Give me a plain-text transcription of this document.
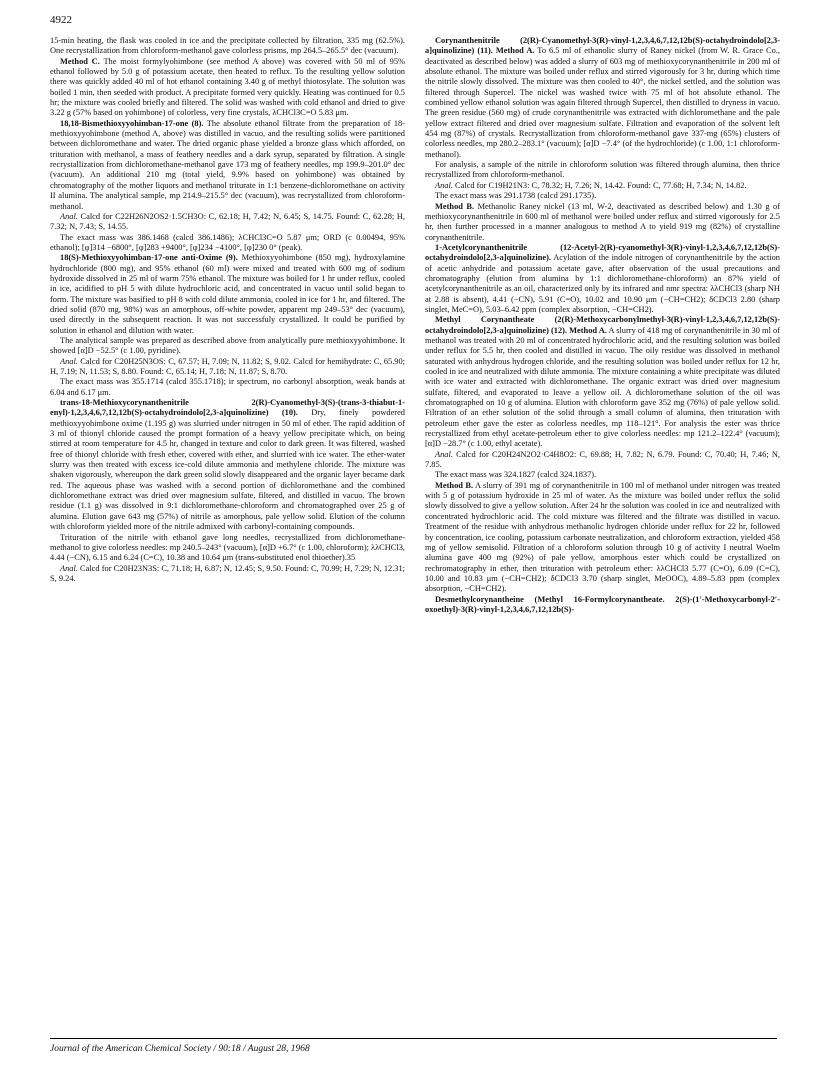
4922

15-min heating, the flask was cooled in ice and the precipitate collected by filtration, 335 mg (62.5%). One recrystallization from chloroform-methanol gave colorless prisms, mp 264.5–265.5° dec (vacuum).

Method C. The moist formylyohimbone (see method A above) was covered with 50 ml of 95% ethanol followed by 5.0 g of potassium acetate, then heated to reflux. To the resulting yellow solution there was quickly added 40 ml of hot ethanol containing 3.40 g of methyl thiotosylate. The solution was boiled 1 min, then seeded with product. A precipitate formed very quickly. Heating was continued for 0.5 hr; the mixture was cooled briefly and filtered. The solid was washed with cold ethanol and dried to give 3.22 g (57% based on yohimbone) of colorless, very fine crystals, λCHCl3C=O 5.83 μm.

18,18-Bismethioxyyohimban-17-one (8). The absolute ethanol filtrate from the preparation of 18-methioxyyohimbone (method A, above) was distilled in vacuo, and the resulting solids were partitioned between dichloromethane and water. The dried organic phase yielded a bronze glass which afforded, on trituration with methanol, a mass of feathery needles and a dark syrup, separated by filtration. A single recrystallization from dichloromethane-methanol gave 173 mg of feathery needles, mp 199.9–201.0° dec (vacuum). An additional 210 mg (total yield, 9.9% based on yohimbone) was obtained by chromatography of the mother liquors and methanol triturate in 1:1 benzene-dichloromethane on activity II alumina. The analytical sample, mp 214.9–215.5° dec (vacuum), was recrystallized from chloroform-methanol.

Anal. Calcd for C22H26N2OS2·1.5CH3O: C, 62.18; H, 7.42; N, 6.45; S, 14.75. Found: C, 62.28; H, 7.32; N, 7.43; S, 14.55.

The exact mass was 386.1468 (calcd 386.1486); λCHCl3C=O 5.87 μm; ORD (c 0.00494, 95% ethanol); [φ]314 −6800°, [φ]283 +9400°, [φ]234 −4100°, [φ]230 0° (peak).

18(S)-Methioxyyohimban-17-one anti-Oxime (9). Methioxyyohimbone (850 mg), hydroxylamine hydrochloride (800 mg), and 95% ethanol (60 ml) were mixed and treated with 600 mg of sodium hydroxide dissolved in 25 ml of warm 75% ethanol. The mixture was boiled for 1 hr under reflux, cooled in ice, acidified to pH 5 with dilute hydrochloric acid, and concentrated in vacuo until solid began to form. The mixture was basified to pH 8 with cold dilute ammonia, cooled in ice for 1 hr, and filtered. The dried solid (870 mg, 98%) was an amorphous, off-white powder, apparent mp 249–53° dec (vacuum), used directly in the subsequent reaction. It was not successfuly crystallized. It could be purified by solution in ethanol and dilution with water.

The analytical sample was prepared as described above from analytically pure methioxyyohimbone. It showed [α]D −52.5° (c 1.00, pyridine).

Anal. Calcd for C20H25N3OS: C, 67.57; H, 7.09; N, 11.82; S, 9.02. Calcd for hemihydrate: C, 65.90; H, 7.19; N, 11.53; S, 8.80. Found: C, 65.14; H, 7.18; N, 11.87; S, 8.70.

The exact mass was 355.1714 (calcd 355.1718); ir spectrum, no carbonyl absorption, weak bands at 6.04 and 6.17 μm.

trans-18-Methioxycorynanthenitrile 2(R)-Cyanomethyl-3(S)-(trans-3-thiabut-1-enyl)-1,2,3,4,6,7,12,12b(S)-octahydroindolo[2,3-a]quinolizine) (10). Dry, finely powdered methioxyyohimbone oxime (1.195 g) was slurried under nitrogen in 50 ml of ether. The rapid addition of 3 ml of thionyl chloride caused the prompt formation of a heavy yellow precipitate which, on being stirred at room temperature for 4.5 hr, changed in texture and color to dark green. It was filtered, washed free of thionyl chloride with fresh ether, covered with ether, and slurried with ice water. The ether-water slurry was then treated with excess ice-cold dilute ammonia and methylene chloride. The mixture was shaken vigorously, whereupon the dark green solid slowly disappeared and the organic layer became dark red. The aqueous phase was washed with a second portion of dichloromethane and the combined dichloromethane extract was dried over magnesium sulfate, filtered, and distilled in vacuo. The brown residue (1.1 g) was dissolved in 9:1 dichloromethane-chloroform and chromatographed over 25 g of alumina. Elution gave 643 mg (57%) of nitrile as amorphous, pale yellow solid. Elution of the column with chloroform yielded more of the nitrile admixed with carbonyl-containing compounds.

Trituration of the nitrile with ethanol gave long needles, recrystallized from dichloromethane-methanol to give colorless needles: mp 240.5–243° (vacuum), [α]D +6.7° (c 1.00, chloroform); λλCHCl3, 4.44 (−CN), 6.15 and 6.24 (C=C), 10.38 and 10.64 μm (trans-substituted enol thioether).35

Anal. Calcd for C20H23N3S: C, 71.18; H, 6.87; N, 12.45; S, 9.50. Found: C, 70.99; H, 7.29; N, 12.31; S, 9.24.

Corynanthenitrile (2(R)-Cyanomethyl-3(R)-vinyl-1,2,3,4,6,7,12,12b(S)-octahydroindolo[2,3-a]quinolizine) (11). Method A. To 6.5 ml of ethanolic slurry of Raney nickel (from W. R. Grace Co., deactivated as described below) was added a slurry of 603 mg of methioxycorynanthenitrile in 200 ml of absolute ethanol. The mixture was boiled under reflux and stirred vigorously for 3 hr, during which time the nitrile slowly dissolved. The mixture was then cooled to 40°, the nickel settled, and the solution was filtered through Supercel. The nickel was washed twice with 75 ml of hot absolute ethanol. The combined yellow ethanol solution was again filtered through Supercel, then distilled to dryness in vacuo. The green residue (560 mg) of crude corynanthenitrile was extracted with dichloromethane and the pale yellow extract filtered and dried over magnesium sulfate. Filtration and evaporation of the solvent left 454 mg (87%) of crystals. Recrystallization from chloroform-methanol gave 337-mg (65%) clusters of colorless needles, mp 280.2–283.1° (vacuum); [α]D −7.4° (of the hydrochloride) (c 1.00, 1:1 chloroform-methanol).

For analysis, a sample of the nitrile in chloroform solution was filtered through alumina, then thrice recrystallized from chloroform-methanol.

Anal. Calcd for C19H21N3: C, 78.32; H, 7.26; N, 14.42. Found: C, 77.68; H, 7.34; N, 14.82.

The exact mass was 291.1738 (calcd 291.1735).

Method B. Methanolic Raney nickel (13 ml, W-2, deactivated as described below) and 1.30 g of methioxycorynanthenitrile in 600 ml of methanol were boiled under reflux and stirred vigorously for 2.5 hr, then further processed in a manner analogous to method A to yield 919 mg (82%) of crystalline corynanthenitrile.

1-Acetylcorynanthenitrile (12-Acetyl-2(R)-cyanomethyl-3(R)-vinyl-1,2,3,4,6,7,12,12b(S)-octahydroindolo[2,3-a]quinolizine). Acylation of the indole nitrogen of corynanthenitrile by the action of acetic anhydride and potassium acetate gave, after observation of the usual precautions and chromatography (elution from alumina by 1:1 dichloromethane-chloroform) an 87% yield of acetylcorynanthenitrile as an oil, characterized only by its infrared and nmr spectra: λλCHCl3 (sharp NH at 2.88 is absent), 4.41 (−CN), 5.91 (C=O), 10.02 and 10.90 μm (−CH=CH2); δCDCl3 2.80 (sharp singlet, MeC=O), 5.03–6.42 ppm (complex absorption, −CH=CH2).

Methyl Corynantheate (2(R)-Methoxycarbonylmethyl-3(R)-vinyl-1,2,3,4,6,7,12,12b(S)-octahydroindolo[2,3-a]quinolizine) (12). Method A. A slurry of 418 mg of corynanthenitrile in 30 ml of methanol was treated with 20 ml of concentrated hydrochloric acid, and the resulting solution was boiled under reflux for 5.5 hr, then cooled and distilled in vacuo. The oily residue was dissolved in methanol saturated with anhydrous hydrogen chloride, and the resulting solution was boiled under reflux for 12 hr, cooled in ice and neutralized with dilute ammonia. The mixture containing a white precipitate was diluted with ice water and extracted with dichloromethane. The organic extract was dried over magnesium sulfate, filtered, and evaporated to leave a yellow oil. A dichloromethane solution of the oil was chromatographed on 10 g of alumina. Elution with chloroform gave 352 mg (76%) of pale yellow solid. Filtration of an ether solution of the solid through a small column of alumina, then trituration with petroleum ether gave the ester as colorless needles, mp 118–121°. For analysis the ester was thrice recrystallized from ethyl acetate-petroleum ether to give colorless needles: mp 121.2–122.4° (vacuum); [α]D −28.7° (c 1.00, ethyl acetate).

Anal. Calcd for C20H24N2O2·C4H8O2: C, 69.88; H, 7.82; N, 6.79. Found: C, 70.40; H, 7.46; N, 7.85.

The exact mass was 324.1827 (calcd 324.1837).

Method B. A slurry of 391 mg of corynanthenitrile in 100 ml of methanol under nitrogen was treated with 5 g of potassium hydroxide in 25 ml of water. As the mixture was boiled under reflux the solid slowly dissolved to give a yellow solution. After 24 hr the solution was cooled in ice and neutralized with concentrated hydrochloric acid. The cold mixture was filtered and the filtrate was distilled in vacuo. Treatment of the residue with anhydrous methanolic hydrogen chloride under reflux for 22 hr, followed by concentration, ice cooling, potassium carbonate neutralization, and chloroform extraction, yielded 458 mg of yellow semisolid. Filtration of a chloroform solution through 10 g of activity I neutral Woelm alumina gave 400 mg (92%) of pale yellow, amorphous ester which could be crystallized on rechromatography in ether, then trituration with petroleum ether: λλCHCl3 5.77 (C=O), 6.09 (C=C), 10.00 and 10.83 μm (−CH=CH2); δCDCl3 3.70 (sharp singlet, MeOOC), 4.89–5.83 ppm (complex absorption, −CH=CH2).

Desmethylcorynantheine (Methyl 16-Formylcorynantheate. 2(S)-(1′-Methoxycarbonyl-2′-oxoethyl)-3(R)-vinyl-1,2,3,4,6,7,12,12b(S)-

Journal of the American Chemical Society / 90:18 / August 28, 1968
